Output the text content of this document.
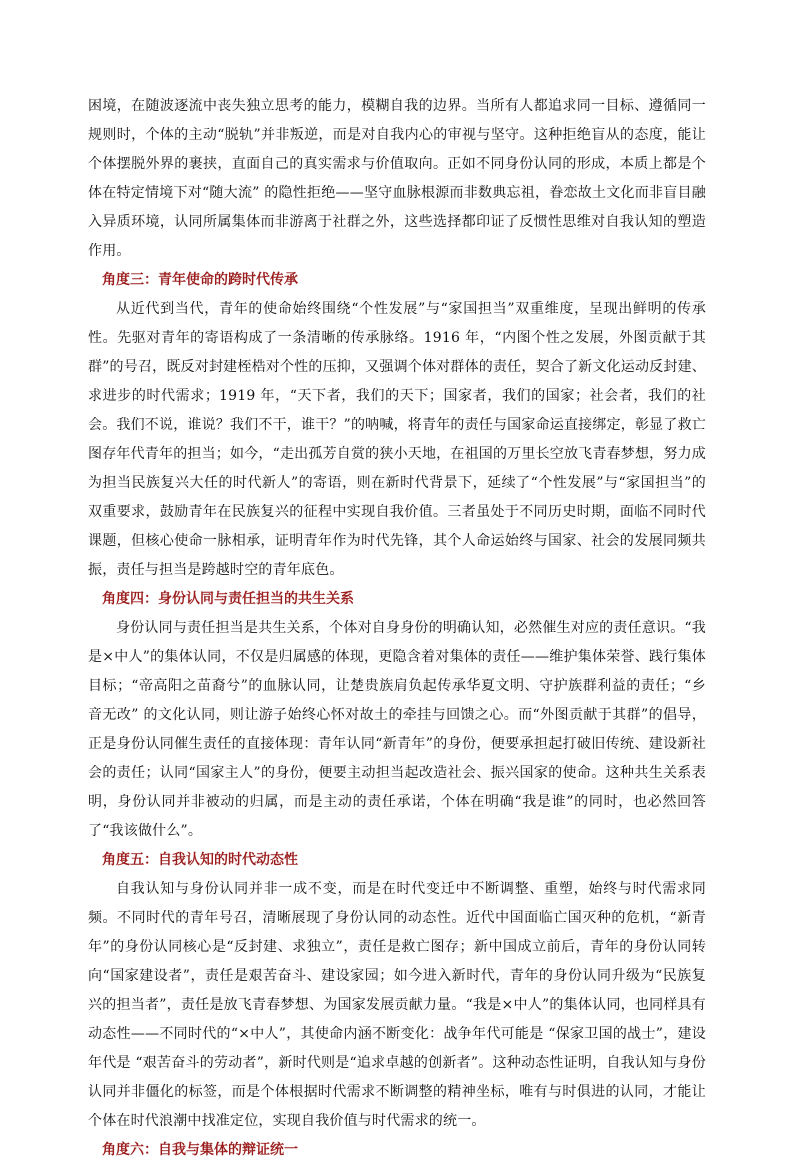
困境，在随波逐流中丧失独立思考的能力，模糊自我的边界。当所有人都追求同一目标、遵循同一规则时，个体的主动“脱轨”并非叛逆，而是对自我内心的审视与坚守。这种拒绝盲从的态度，能让个体摆脱外界的裹挟，直面自己的真实需求与价值取向。正如不同身份认同的形成，本质上都是个体在特定情境下对“随大流” 的隐性拒绝——坚守血脉根源而非数典忘祖，眷恋故土文化而非盲目融入异质环境，认同所属集体而非游离于社群之外，这些选择都印证了反惯性思维对自我认知的塑造作用。

角度三：青年使命的跨时代传承

从近代到当代，青年的使命始终围绕“个性发展”与“家国担当”双重维度，呈现出鲜明的传承性。先驱对青年的寄语构成了一条清晰的传承脉络。1916 年，“内图个性之发展，外图贡献于其群”的号召，既反对封建桎梏对个性的压抑，又强调个体对群体的责任，契合了新文化运动反封建、求进步的时代需求；1919 年，“天下者，我们的天下；国家者，我们的国家；社会者，我们的社会。我们不说，谁说？我们不干，谁干？”的呐喊，将青年的责任与国家命运直接绑定，彰显了救亡图存年代青年的担当；如今，“走出孤芳自赏的狭小天地，在祖国的万里长空放飞青春梦想，努力成为担当民族复兴大任的时代新人”的寄语，则在新时代背景下，延续了“个性发展”与“家国担当”的双重要求，鼓励青年在民族复兴的征程中实现自我价值。三者虽处于不同历史时期，面临不同时代课题，但核心使命一脉相承，证明青年作为时代先锋，其个人命运始终与国家、社会的发展同频共振，责任与担当是跨越时空的青年底色。

角度四：身份认同与责任担当的共生关系

身份认同与责任担当是共生关系，个体对自身身份的明确认知，必然催生对应的责任意识。“我是×中人”的集体认同，不仅是归属感的体现，更隐含着对集体的责任——维护集体荣誉、践行集体目标；“帝高阳之苗裔兮”的血脉认同，让楚贵族肩负起传承华夏文明、守护族群利益的责任；“乡音无改” 的文化认同，则让游子始终心怀对故土的牵挂与回馈之心。而“外图贡献于其群”的倡导，正是身份认同催生责任的直接体现：青年认同“新青年”的身份，便要承担起打破旧传统、建设新社会的责任；认同“国家主人”的身份，便要主动担当起改造社会、振兴国家的使命。这种共生关系表明，身份认同并非被动的归属，而是主动的责任承诺，个体在明确“我是谁”的同时，也必然回答了“我该做什么”。

角度五：自我认知的时代动态性

自我认知与身份认同并非一成不变，而是在时代变迁中不断调整、重塑，始终与时代需求同频。不同时代的青年号召，清晰展现了身份认同的动态性。近代中国面临亡国灭种的危机，“新青年”的身份认同核心是“反封建、求独立”，责任是救亡图存；新中国成立前后，青年的身份认同转向“国家建设者”，责任是艰苦奋斗、建设家园；如今进入新时代，青年的身份认同升级为“民族复兴的担当者”，责任是放飞青春梦想、为国家发展贡献力量。“我是×中人”的集体认同，也同样具有动态性——不同时代的“×中人”，其使命内涵不断变化：战争年代可能是 “保家卫国的战士”，建设年代是 “艰苦奋斗的劳动者”，新时代则是“追求卓越的创新者”。这种动态性证明，自我认知与身份认同并非僵化的标签，而是个体根据时代需求不断调整的精神坐标，唯有与时俱进的认同，才能让个体在时代浪潮中找准定位，实现自我价值与时代需求的统一。

角度六：自我与集体的辩证统一
